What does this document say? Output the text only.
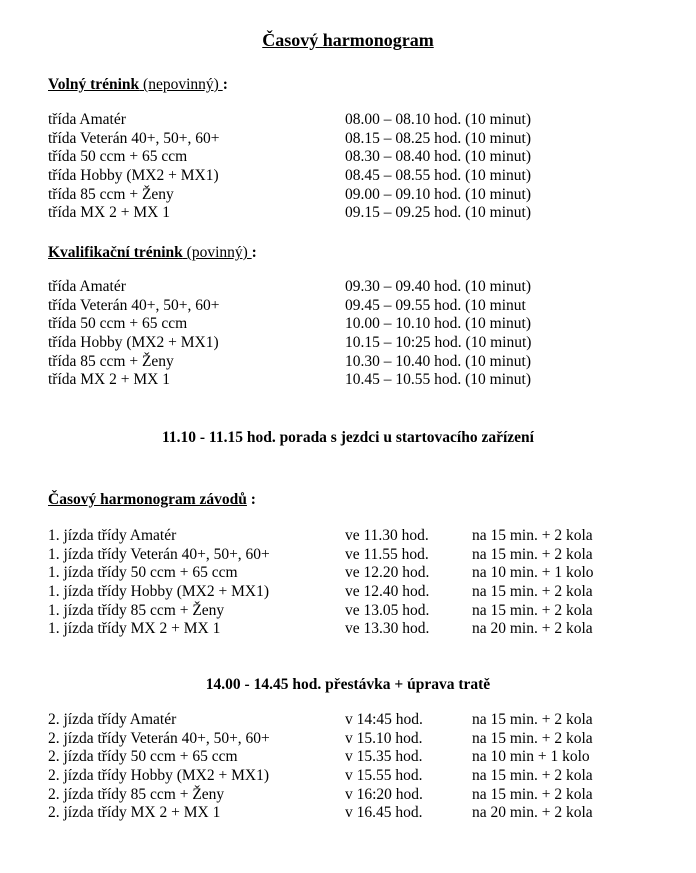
Časový harmonogram
Volný trénink (nepovinný) :
třída Amatér	08.00 – 08.10 hod. (10 minut)
třída Veterán 40+, 50+, 60+	08.15 – 08.25 hod. (10 minut)
třída 50 ccm + 65 ccm	08.30 – 08.40 hod. (10 minut)
třída Hobby (MX2 + MX1)	08.45 – 08.55 hod. (10 minut)
třída 85 ccm + Ženy	09.00 – 09.10 hod. (10 minut)
třída MX 2 + MX 1	09.15 – 09.25 hod. (10 minut)
Kvalifikační trénink (povinný) :
třída Amatér	09.30 – 09.40 hod. (10 minut)
třída Veterán 40+, 50+, 60+	09.45 – 09.55 hod. (10 minut
třída 50 ccm + 65 ccm	10.00 – 10.10 hod. (10 minut)
třída Hobby (MX2 + MX1)	10.15 – 10:25 hod. (10 minut)
třída 85 ccm + Ženy	10.30 – 10.40 hod. (10 minut)
třída MX 2 + MX 1	10.45 – 10.55 hod. (10 minut)
11.10 - 11.15 hod. porada s jezdci u startovacího zařízení
Časový harmonogram závodů :
1. jízda třídy Amatér	ve 11.30 hod.	na 15 min. + 2 kola
1. jízda třídy Veterán 40+, 50+, 60+	ve 11.55 hod.	na 15 min. + 2 kola
1. jízda třídy 50 ccm + 65 ccm	ve 12.20 hod.	na 10 min. + 1 kolo
1. jízda třídy Hobby (MX2 + MX1)	ve 12.40 hod.	na 15 min. + 2 kola
1. jízda třídy 85 ccm + Ženy	ve 13.05 hod.	na 15 min. + 2 kola
1. jízda třídy MX 2 + MX 1	ve 13.30 hod.	na 20 min. + 2 kola
14.00 - 14.45 hod. přestávka + úprava tratě
2. jízda třídy Amatér	v 14:45 hod.	na 15 min. + 2 kola
2. jízda třídy Veterán 40+, 50+, 60+	v 15.10 hod.	na 15 min. + 2 kola
2. jízda třídy 50 ccm + 65 ccm	v 15.35 hod.	na 10 min + 1 kolo
2. jízda třídy Hobby (MX2 + MX1)	v 15.55 hod.	na 15 min. + 2 kola
2. jízda třídy 85 ccm + Ženy	v 16:20 hod.	na 15 min. + 2 kola
2. jízda třídy MX 2 + MX 1	v 16.45 hod.	na 20 min. + 2 kola
